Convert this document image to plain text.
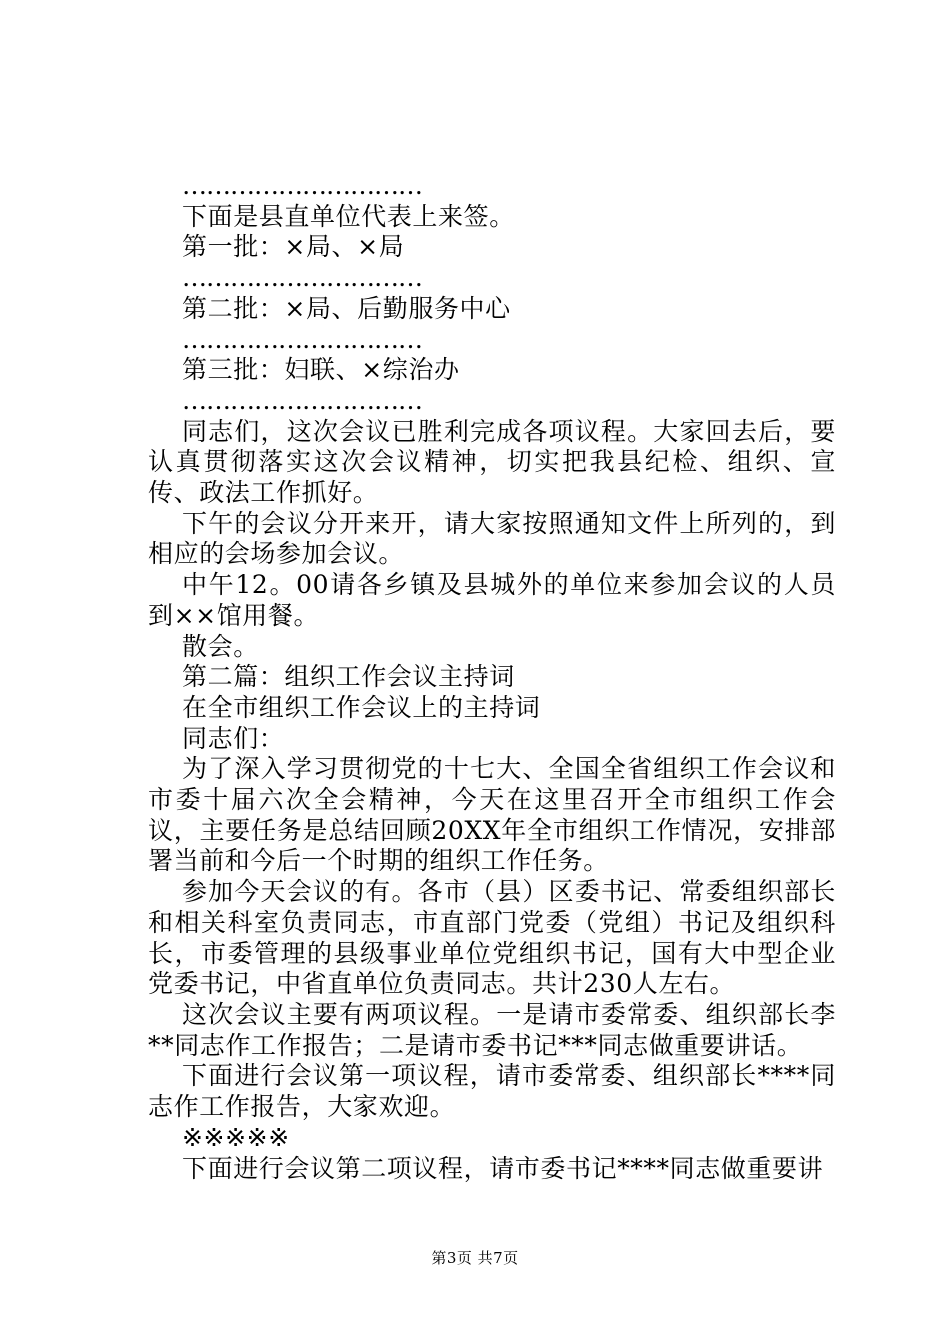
…………………………
下面是县直单位代表上来签。
第一批：×局、×局
…………………………
第二批：×局、后勤服务中心
…………………………
第三批：妇联、×综治办
…………………………
同志们，这次会议已胜利完成各项议程。大家回去后，要认真贯彻落实这次会议精神，切实把我县纪检、组织、宣传、政法工作抓好。
下午的会议分开来开，请大家按照通知文件上所列的，到相应的会场参加会议。
中午12。00请各乡镇及县城外的单位来参加会议的人员到××馆用餐。
散会。
第二篇：组织工作会议主持词
在全市组织工作会议上的主持词
同志们：
为了深入学习贯彻党的十七大、全国全省组织工作会议和市委十届六次全会精神，今天在这里召开全市组织工作会议，主要任务是总结回顾20XX年全市组织工作情况，安排部署当前和今后一个时期的组织工作任务。
参加今天会议的有。各市（县）区委书记、常委组织部长和相关科室负责同志，市直部门党委（党组）书记及组织科长，市委管理的县级事业单位党组织书记，国有大中型企业党委书记，中省直单位负责同志。共计230人左右。
这次会议主要有两项议程。一是请市委常委、组织部长李**同志作工作报告；二是请市委书记***同志做重要讲话。
下面进行会议第一项议程，请市委常委、组织部长****同志作工作报告，大家欢迎。
※※※※※
下面进行会议第二项议程，请市委书记****同志做重要讲
第3页 共7页
